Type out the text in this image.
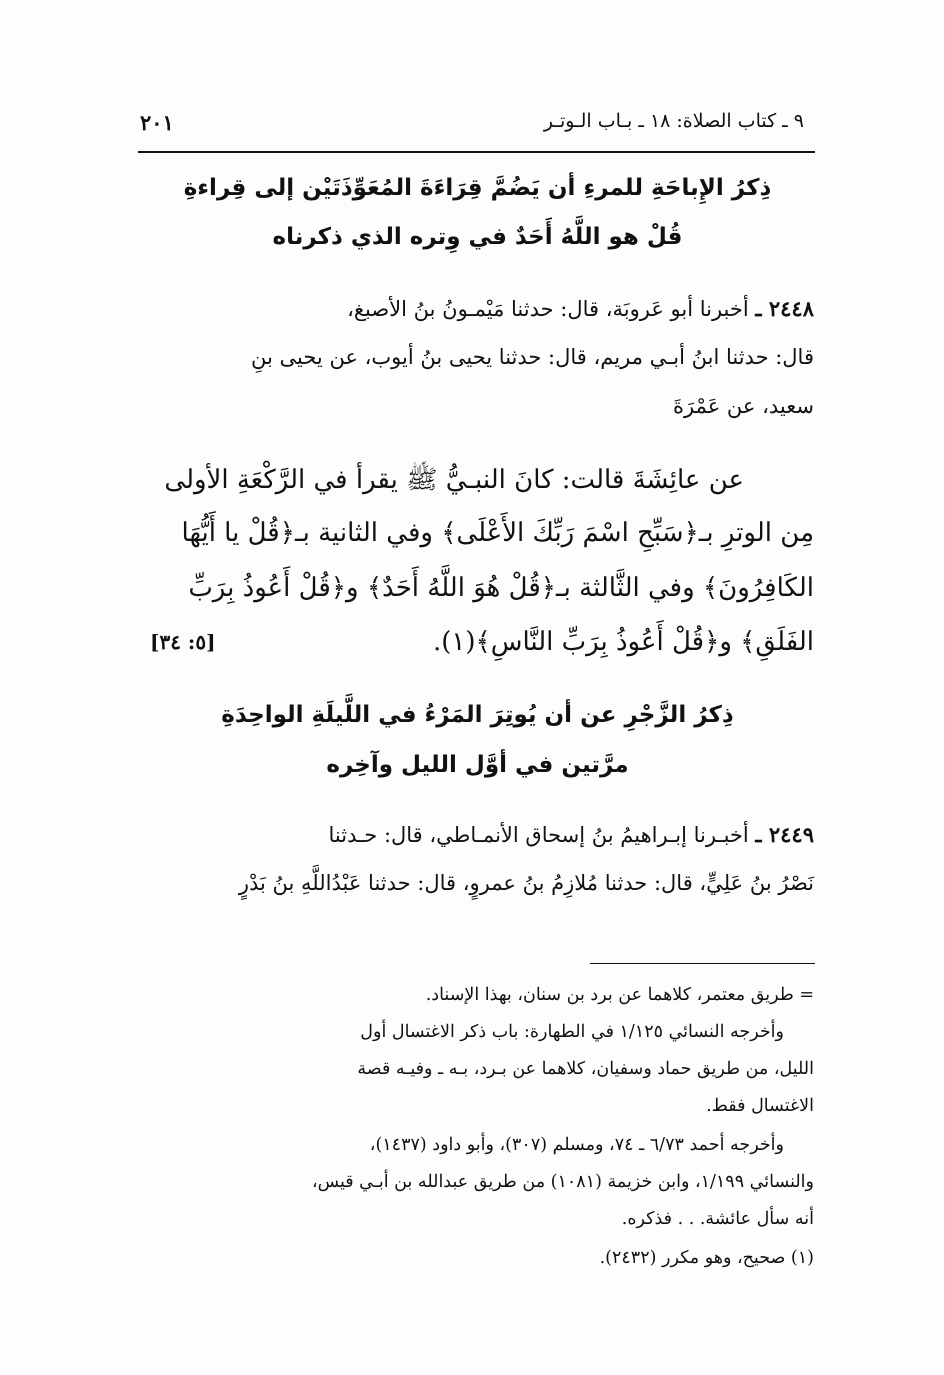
٩ ـ كتاب الصلاة: ١٨ ـ بـاب الـوتـر
٢٠١
ذِكرُ الإِباحَةِ للمرءِ أن يَضُمَّ قِرَاءَةَ المُعَوِّذَتَيْن إلى قِراءةِ
قُلْ هو اللَّهُ أَحَدٌ في وِتره الذي ذكرناه
٢٤٤٨ ـ أخبرنا أبو عَروبَة، قال: حدثنا مَيْمـونُ بنُ الأصبغ،
قال: حدثنا ابنُ أبـي مريم، قال: حدثنا يحيى بنُ أيوب، عن يحيى بنِ
سعيد، عن عَمْرَةَ
عن عائِشَةَ قالت: كانَ النبـيُّ ﷺ يقرأ في الرَّكْعَةِ الأولى
مِن الوترِ بـ﴿سَبِّحِ اسْمَ رَبِّكَ الأَعْلَى﴾ وفي الثانية بـ﴿قُلْ يا أَيُّهَا
الكَافِرُونَ﴾ وفي الثَّالثة بـ﴿قُلْ هُوَ اللَّهُ أَحَدٌ﴾ و﴿قُلْ أَعُوذُ بِرَبِّ
الفَلَقِ﴾ و﴿قُلْ أَعُوذُ بِرَبِّ النَّاسِ﴾(١).
[٥: ٣٤]
ذِكرُ الزَّجْرِ عن أن يُوتِرَ المَرْءُ في اللَّيلَةِ الواحِدَةِ
مرَّتين في أوَّل الليل وآخِره
٢٤٤٩ ـ أخبـرنا إبـراهيمُ بنُ إسحاق الأنمـاطي، قال: حـدثنا
نَصْرُ بنُ عَلِيٍّ، قال: حدثنا مُلازِمُ بنُ عمروٍ، قال: حدثنا عَبْدُاللَّهِ بنُ بَدْرٍ
= طريق معتمر، كلاهما عن برد بن سنان، بهذا الإسناد.
وأخرجه النسائي ١/١٢٥ في الطهارة: باب ذكر الاغتسال أول
الليل، من طريق حماد وسفيان، كلاهما عن بـرد، بـه ـ وفيـه قصة
الاغتسال فقط.
وأخرجه أحمد ٦/٧٣ ـ ٧٤، ومسلم (٣٠٧)، وأبو داود (١٤٣٧)،
والنسائي ١/١٩٩، وابن خزيمة (١٠٨١) من طريق عبدالله بن أبـي قيس،
أنه سأل عائشة. . . فذكره.
(١) صحيح، وهو مكرر (٢٤٣٢).
